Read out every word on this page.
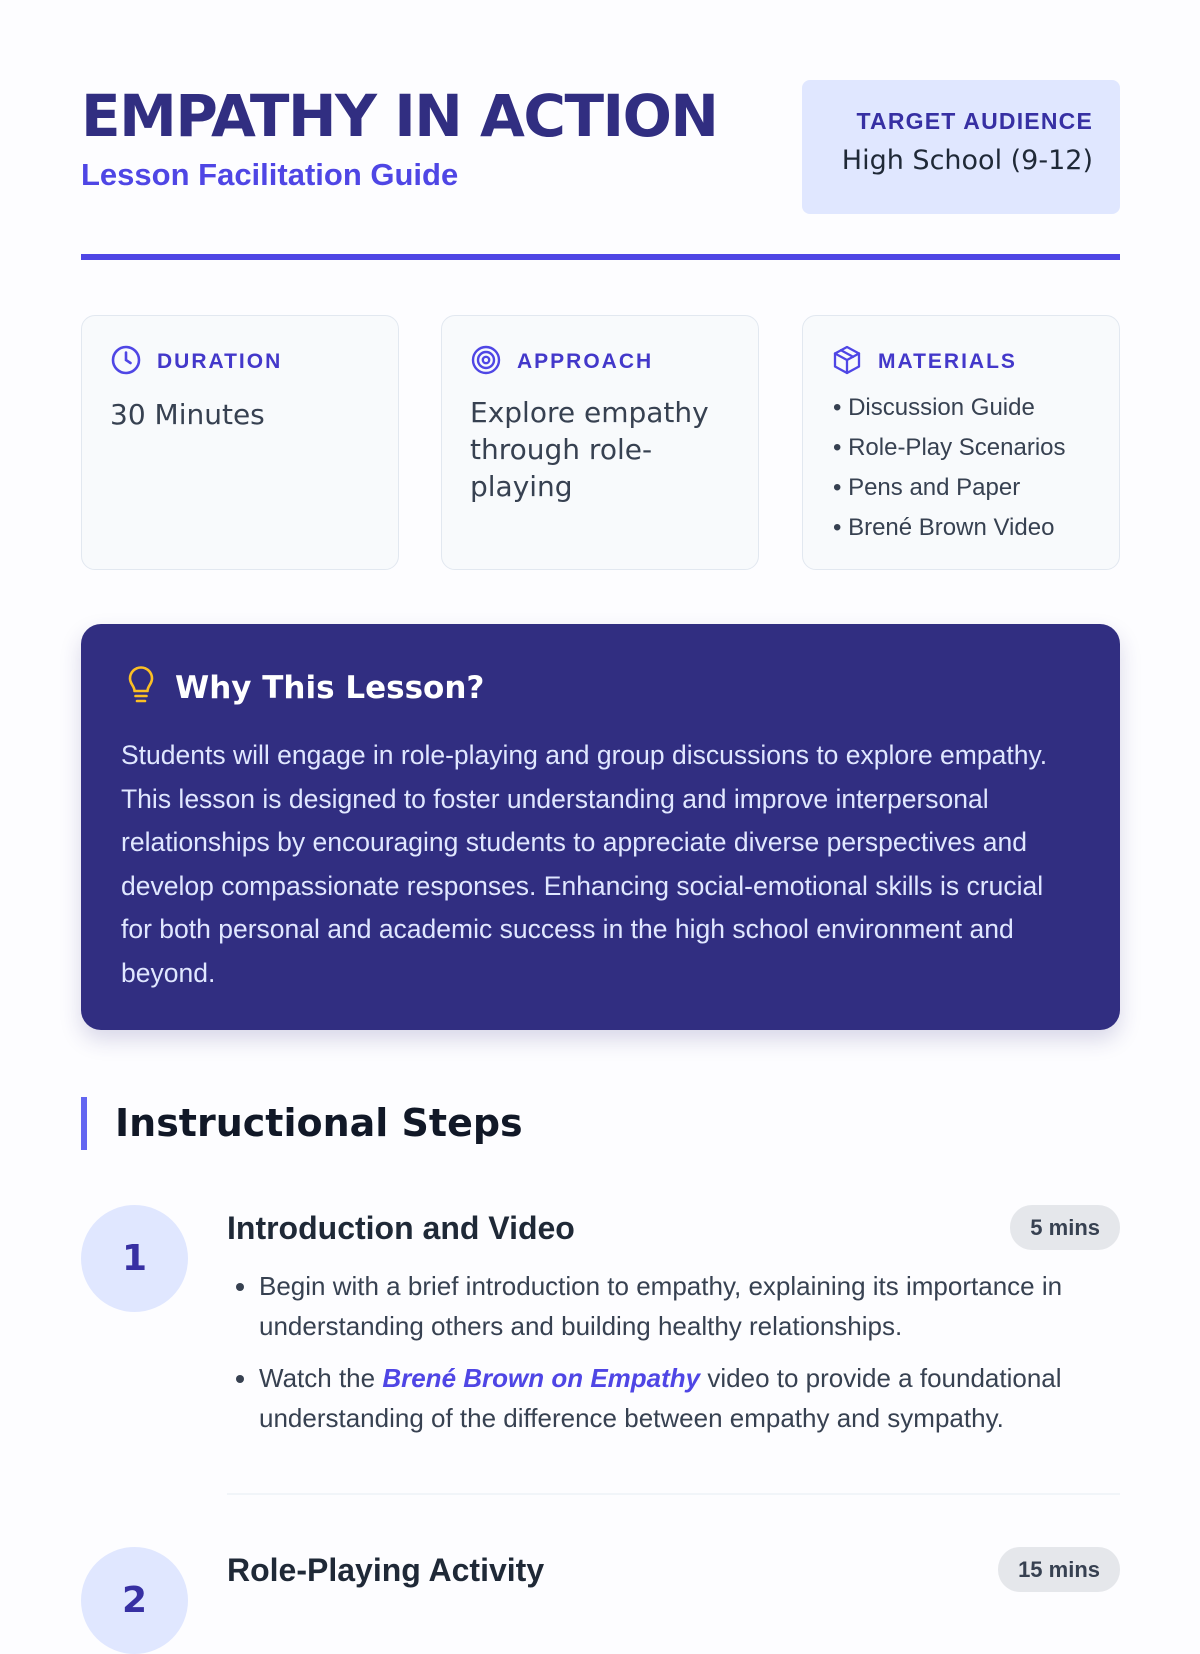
EMPATHY IN ACTION
Lesson Facilitation Guide
TARGET AUDIENCE
High School (9-12)
DURATION
30 Minutes
APPROACH
Explore empathy through role-playing
MATERIALS
• Discussion Guide
• Role-Play Scenarios
• Pens and Paper
• Brené Brown Video
Why This Lesson?

Students will engage in role-playing and group discussions to explore empathy. This lesson is designed to foster understanding and improve interpersonal relationships by encouraging students to appreciate diverse perspectives and develop compassionate responses. Enhancing social-emotional skills is crucial for both personal and academic success in the high school environment and beyond.

Instructional Steps
1
Introduction and Video	5 mins
• Begin with a brief introduction to empathy, explaining its importance in understanding others and building healthy relationships.
• Watch the Brené Brown on Empathy video to provide a foundational understanding of the difference between empathy and sympathy.
2
Role-Playing Activity	15 mins
